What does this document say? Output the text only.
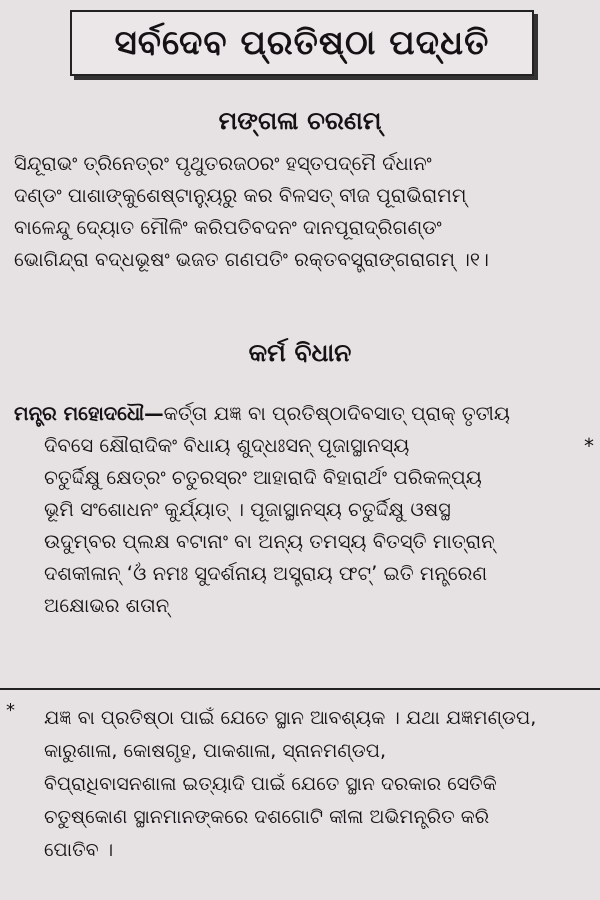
ସର୍ବଦେବ ପ୍ରତିଷ୍ଠା ପଦ୍ଧତି
ମଙ୍ଗଳା ଚରଣମ୍
ସିନ୍ଦୂରାଭଂ ତ୍ରିନେତ୍ରଂ ପୃଥୁତରଜଠରଂ ହସ୍ତପଦ୍ମୈ ର୍ଦଧାନଂ
ଦଣ୍ଡଂ ପାଶାଙ୍କୁଶେଷ୍ଟାନ୍ୟୁରୁ କର ବିଳସତ୍ ବୀଜ ପୂରାଭିରାମମ୍
ବାଳେନ୍ଦୁ ଦ୍ୟୋତ ମୌଳିଂ କରିପତିବଦନଂ ଦାନପୂରାଦ୍ରିଗଣ୍ଡଂ
ଭୋଗିନ୍ଦ୍ରା ବଦ୍ଧଭୂଷଂ ଭଜତ ଗଣପତିଂ ରକ୍ତବସ୍ତ୍ରାଙ୍ଗରାଗମ୍ ।୧।
କର୍ମ ବିଧାନ
ମନ୍ତ୍ର ମହୋଦଧୌ—କର୍ତ୍ତା ଯଜ୍ଞ ବା ପ୍ରତିଷ୍ଠାଦିବସାତ୍ ପ୍ରାକ୍ ତୃତୀୟ
ଦିବସେ କ୍ଷୌରାଦିକଂ ବିଧାୟ ଶୁଦ୍ଧଃସନ୍ ପୂଜାସ୍ଥାନସ୍ୟ
ଚତୁର୍ଦ୍ଦିକ୍ଷୁ କ୍ଷେତ୍ରଂ ଚତୁରସ୍ରଂ ଆହାରାଦି ବିହାରାର୍ଥଂ ପରିକଳ୍ପ୍ୟ
ଭୂମି ସଂଶୋଧନଂ କୁର୍ଯ୍ୟାତ୍ । ପୂଜାସ୍ଥାନସ୍ୟ ଚତୁର୍ଦ୍ଦିକ୍ଷୁ ଓଷସ୍ଥ
ଉଦୁମ୍ବର ପ୍ଲକ୍ଷ ବଟାନାଂ ବା ଅନ୍ୟ ତମସ୍ୟ ବିତସ୍ତି ମାତ୍ରାନ୍
ଦଶକୀଳାନ୍ ‘ଓଁ ନମଃ ସୁଦର୍ଶନାୟ ଅସ୍ତ୍ରାୟ ଫଟ୍’ ଇତି ମନ୍ତ୍ରେଣ
ଅକ୍ଷୋଭର ଶତାନ୍
*
*	ଯଜ୍ଞ ବା ପ୍ରତିଷ୍ଠା ପାଇଁ ଯେତେ ସ୍ଥାନ ଆବଶ୍ୟକ । ଯଥା ଯଜ୍ଞମଣ୍ଡପ,
କାରୁଶାଳା, କୋଷଗୃହ, ପାକଶାଳା, ସ୍ନାନମଣ୍ଡପ,
ବିପ୍ରାଧିବାସନଶାଳା ଇତ୍ୟାଦି ପାଇଁ ଯେତେ ସ୍ଥାନ ଦରକାର ସେତିକି
ଚତୁଷ୍କୋଣ ସ୍ଥାନମାନଙ୍କରେ ଦଶଗୋଟି କୀଳା ଅଭିମନ୍ତ୍ରିତ କରି
ପୋତିବ ।
